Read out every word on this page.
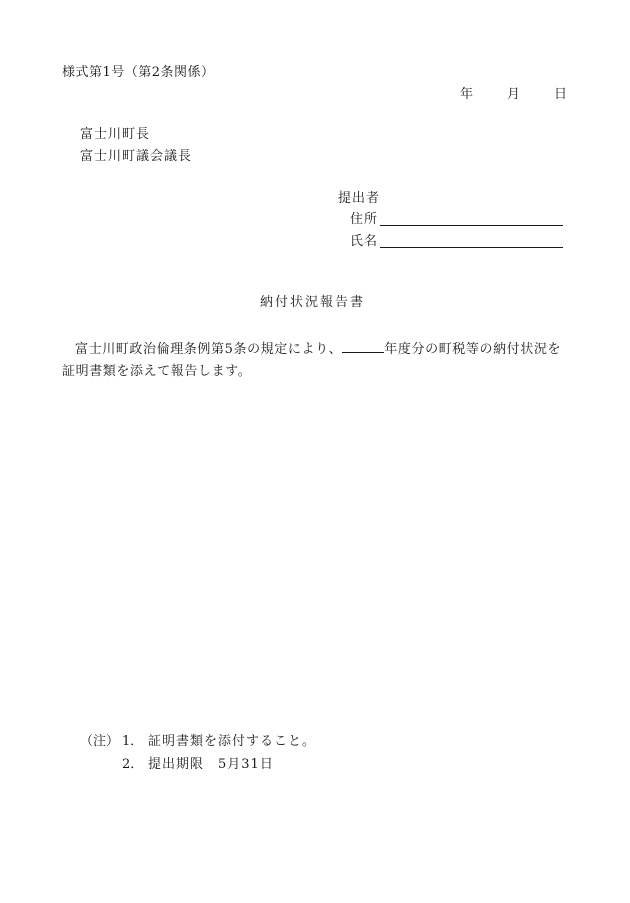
様式第1号（第2条関係）
年	月	日
富士川町長
富士川町議会議長
提出者
住所
氏名
納付状況報告書
富士川町政治倫理条例第5条の規定により、	年度分の町税等の納付状況を証明書類を添えて報告します。
（注） 1． 証明書類を添付すること。
2． 提出期限　5月31日
